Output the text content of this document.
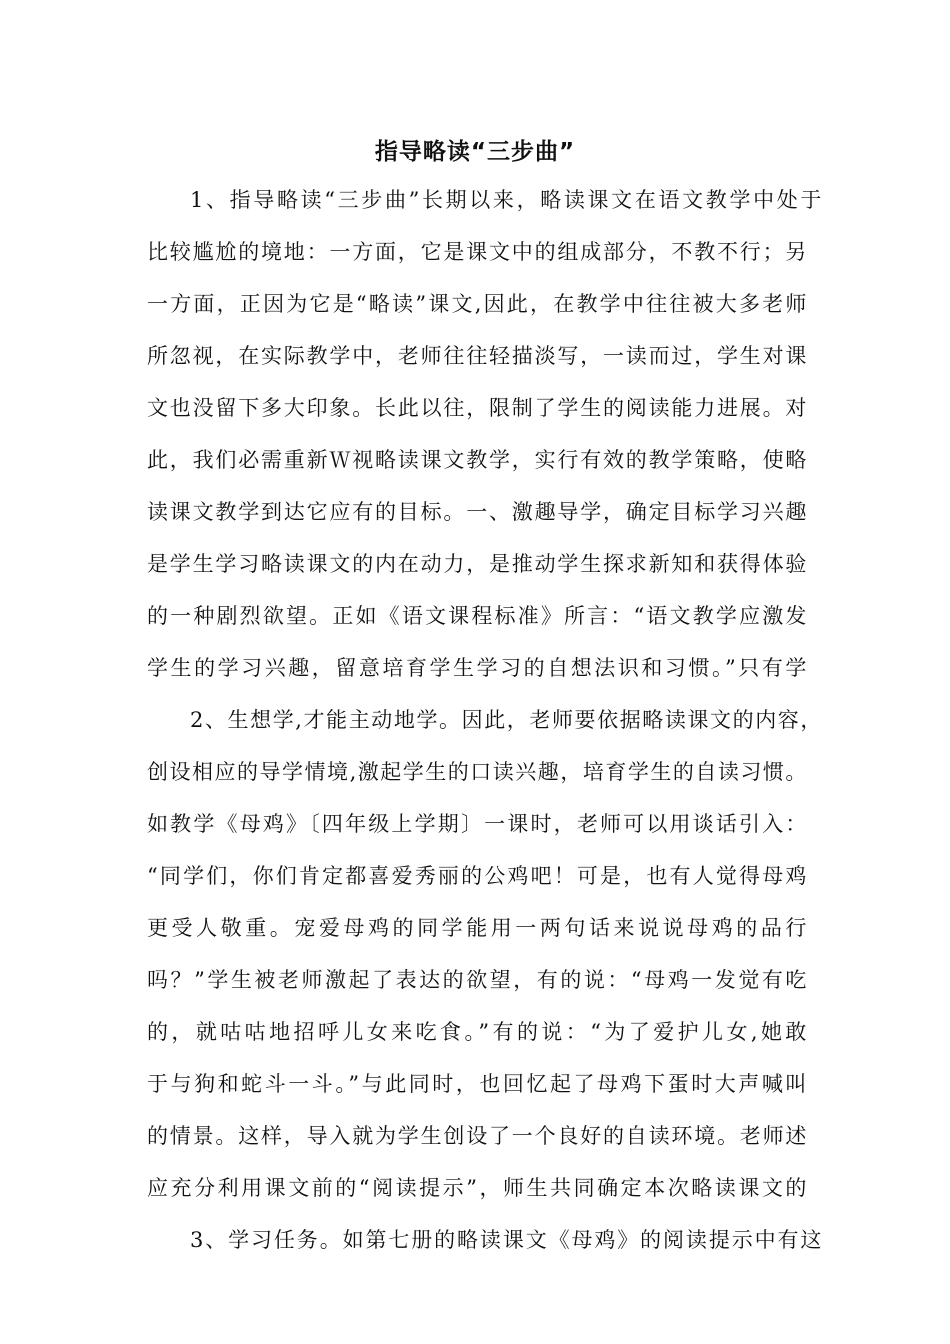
指导略读“三步曲”
1、指导略读“三步曲”长期以来，略读课文在语文教学中处于
比较尴尬的境地：一方面，它是课文中的组成部分，不教不行；另
一方面，正因为它是“略读”课文,因此，在教学中往往被大多老师
所忽视，在实际教学中，老师往往轻描淡写，一读而过，学生对课
文也没留下多大印象。长此以往，限制了学生的阅读能力进展。对
此，我们必需重新Ｗ视略读课文教学，实行有效的教学策略，使略
读课文教学到达它应有的目标。一、激趣导学，确定目标学习兴趣
是学生学习略读课文的内在动力，是推动学生探求新知和获得体验
的一种剧烈欲望。正如《语文课程标准》所言：“语文教学应激发
学生的学习兴趣，留意培育学生学习的自想法识和习惯。”只有学
2、生想学,才能主动地学。因此，老师要依据略读课文的内容，
创设相应的导学情境,激起学生的口读兴趣，培育学生的自读习惯。
如教学《母鸡》〔四年级上学期〕一课时，老师可以用谈话引入：
“同学们，你们肯定都喜爱秀丽的公鸡吧！可是，也有人觉得母鸡
更受人敬重。宠爱母鸡的同学能用一两句话来说说母鸡的品行
吗？”学生被老师激起了表达的欲望，有的说：“母鸡一发觉有吃
的，就咕咕地招呼儿女来吃食。”有的说：“为了爱护儿女,她敢
于与狗和蛇斗一斗。”与此同时，也回忆起了母鸡下蛋时大声喊叫
的情景。这样，导入就为学生创设了一个良好的自读环境。老师述
应充分利用课文前的“阅读提示”，师生共同确定本次略读课文的
3、学习任务。如第七册的略读课文《母鸡》的阅读提示中有这
